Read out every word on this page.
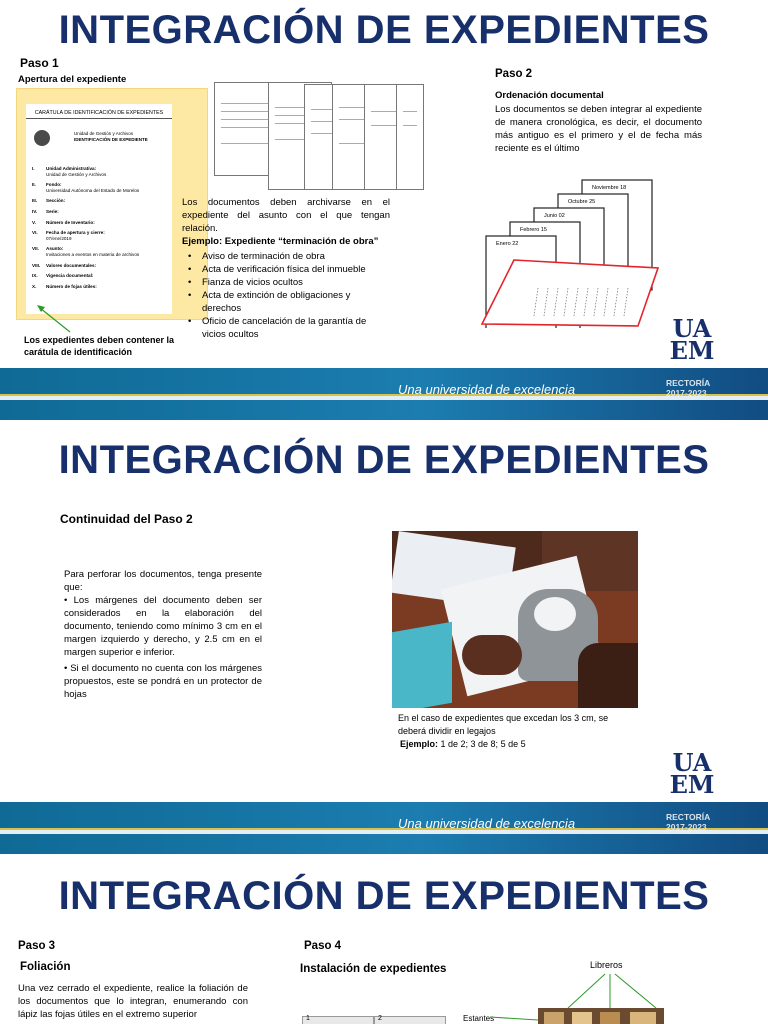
INTEGRACIÓN DE EXPEDIENTES
Paso 1
Apertura del expediente
CARÁTULA DE IDENTIFICACIÓN DE EXPEDIENTES
Unidad de Gestión y Archivos
IDENTIFICACIÓN DE EXPEDIENTE
I. Unidad Administrativa:
Unidad de Gestión y Archivos
II. Fondo:
Universidad Autónoma del Estado de Morelos
III. Sección:
IV. Serie:
V. Número de Inventario:
VI. Fecha de apertura y cierre:
07/ene/2019
VII. Asunto:
Invitaciones a eventos en materia de archivos
VIII. Valores documentales:
IX. Vigencia documental:
X. Número de fojas útiles:
Los expedientes deben contener la carátula de identificación
Los documentos deben archivarse en el expediente del asunto con el que tengan relación.
Ejemplo: Expediente “terminación de obra”
• Aviso de terminación de obra
• Acta de verificación física del inmueble
• Fianza de vicios ocultos
• Acta de extinción de obligaciones y derechos
• Oficio de cancelación de la garantía de vicios ocultos
Paso 2
Ordenación documental
Los documentos se deben integrar al expediente de manera cronológica, es decir, el documento más antiguo es el primero y el de fecha más reciente es el último
Noviembre 18
Octubre 25
Junio 02
Febrero 15
Enero 22
UA
EM
Una universidad de excelencia	RECTORÍA
2017-2023
INTEGRACIÓN DE EXPEDIENTES
Continuidad del Paso 2
Para perforar los documentos, tenga presente que:
• Los márgenes del documento deben ser considerados en la elaboración del documento, teniendo como mínimo 3 cm en el margen izquierdo y derecho, y 2.5 cm en el margen superior e inferior.
• Si el documento no cuenta con los márgenes propuestos, este se pondrá en un protector de hojas
En el caso de expedientes que excedan los 3 cm, se deberá dividir en legajos
Ejemplo: 1 de 2; 3 de 8; 5 de 5
UA
EM
Una universidad de excelencia	RECTORÍA
2017-2023
INTEGRACIÓN DE EXPEDIENTES
Paso 3
Foliación
Una vez cerrado el expediente, realice la foliación de los documentos que lo integran, enumerando con lápiz las fojas útiles en el extremo superior
Paso 4
Instalación de expedientes	Libreros
Estantes
1	2
